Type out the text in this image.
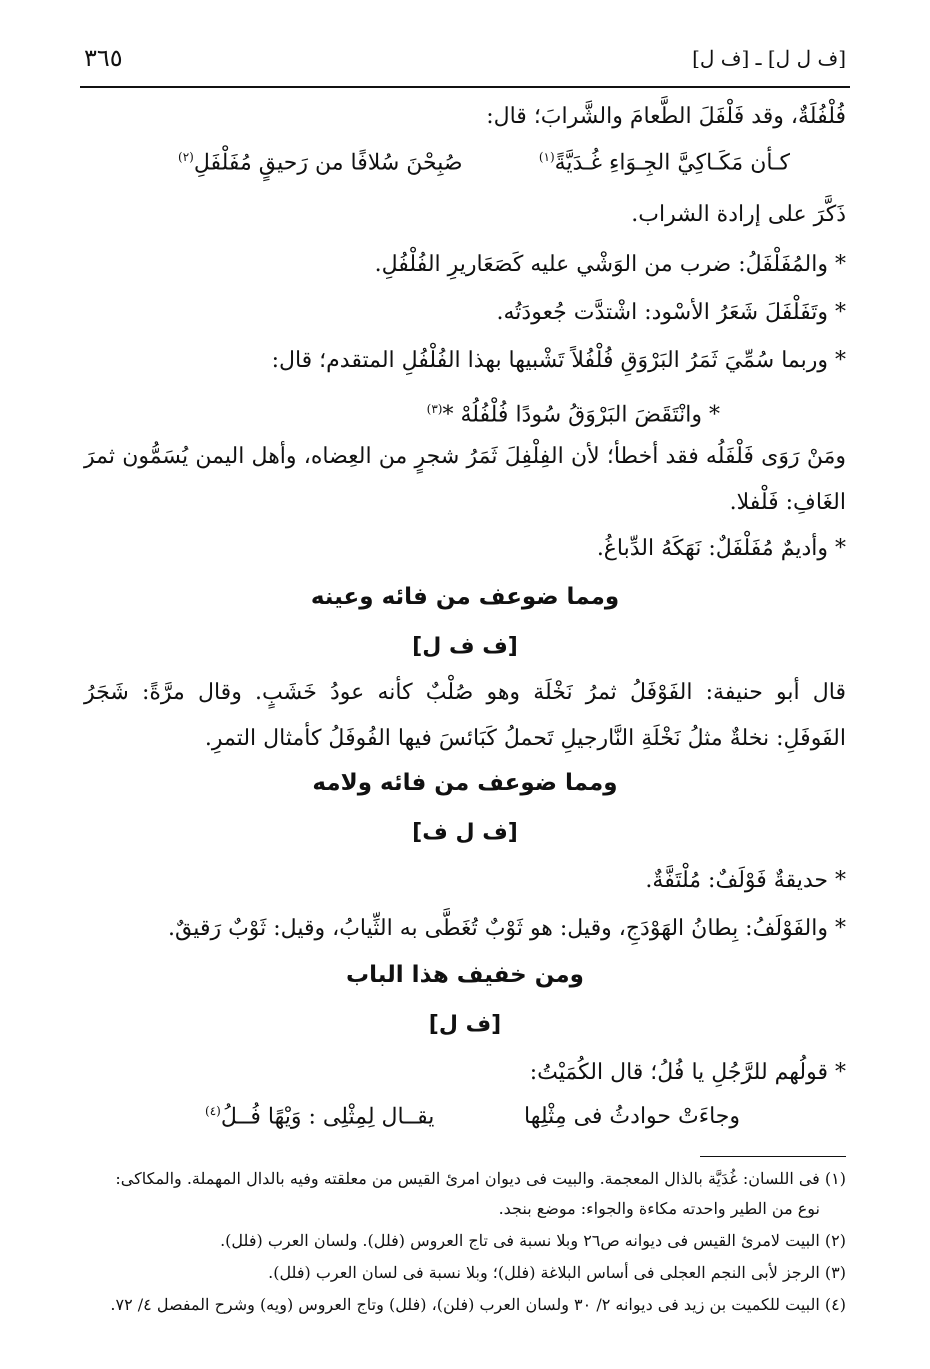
[ف ل ل] ـ [ف ل]
٣٦٥
فُلْفُلَةٌ، وقد فَلْفَلَ الطَّعامَ والشَّرابَ؛ قال:
كـأن مَكَـاكِيَّ الجِـوَاءِ غُـدَيَّةً$^{(١)}$
صُبِحْنَ سُلافًا من رَحيقٍ مُفَلْفَلِ$^{(٢)}$
ذَكَّرَ على إرادة الشراب.
* والمُفَلْفَلُ: ضرب من الوَشْي عليه كَصَعَاريرِ الفُلْفُلِ.
* وتَفَلْفَلَ شَعَرُ الأسْود: اشْتدَّت جُعودَتُه.
* وربما سُمِّيَ ثَمَرُ البَرْوَقِ فُلْفُلاً تَشْبيها بهذا الفُلْفُلِ المتقدم؛ قال:
* وانْتَقَضَ البَرْوَقُ سُودًا فُلْفُلُهْ *$^{(٣)}$
ومَنْ رَوَى فَلْفَلُه فقد أخطأ؛ لأن الفِلْفِلَ ثَمَرُ شجرٍ من العِضاه، وأهل اليمن يُسَمُّون ثمرَ
الغَافِ: فَلْفلا.
* وأديمٌ مُفَلْفَلٌ: نَهَكَهُ الدِّباغُ.
ومما ضوعف من فائه وعينه
[ف ف ل]
قال أبو حنيفة: الفَوْفَلُ ثمرُ نَخْلَة وهو صُلْبٌ كأنه عودُ خَشَبٍ. وقال مرَّةً: شَجَرُ
الفَوفَلِ: نخلةٌ مثلُ نَخْلَةِ النَّارجيلِ تَحملُ كَبَائسَ فيها الفُوفَلُ كأمثال التمرِ.
ومما ضوعف من فائه ولامه
[ف ل ف]
* حديقةٌ فَوْلَفٌ: مُلْتَفَّةٌ.
* والفَوْلَفُ: بِطانُ الهَوْدَجِ، وقيل: هو ثَوْبٌ تُغَطَّى به الثِّيابُ، وقيل: ثَوْبٌ رَقيقٌ.
ومن خفيف هذا الباب
[ف ل]
* قولُهم للرَّجُلِ يا فُلُ؛ قال الكُمَيْتُ:
وجاءَتْ حوادثُ فى مِثْلِها
يقــال لِمِثْلِى : وَيْهًا فُــلُ$^{(٤)}$
(١) فى اللسان: غُدَيَّة بالذال المعجمة. والبيت فى ديوان امرئ القيس من معلقته وفيه بالدال المهملة. والمكاكى:
نوع من الطير واحدته مكاءة والجواء: موضع بنجد.
(٢) البيت لامرئ القيس فى ديوانه ص٢٦ وبلا نسبة فى تاج العروس (فلل). ولسان العرب (فلل).
(٣) الرجز لأبى النجم العجلى فى أساس البلاغة (فلل)؛ وبلا نسبة فى لسان العرب (فلل).
(٤) البيت للكميت بن زيد فى ديوانه ٢/ ٣٠ ولسان العرب (فلن)، (فلل) وتاج العروس (ويه) وشرح المفصل ٤/ ٧٢.
